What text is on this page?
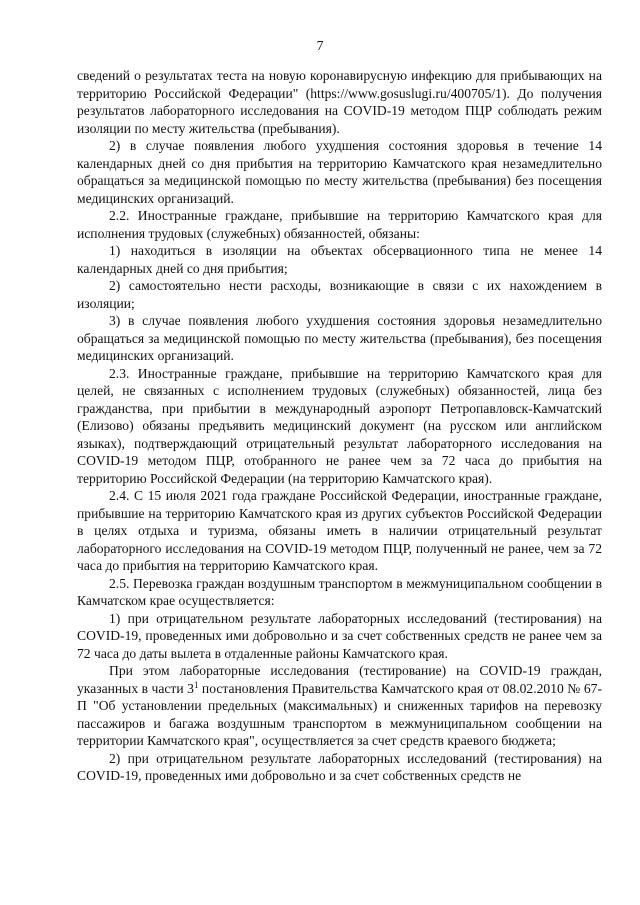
7

сведений о результатах теста на новую коронавирусную инфекцию для прибывающих на территорию Российской Федерации" (https://www.gosuslugi.ru/400705/1). До получения результатов лабораторного исследования на COVID-19 методом ПЦР соблюдать режим изоляции по месту жительства (пребывания).

2) в случае появления любого ухудшения состояния здоровья в течение 14 календарных дней со дня прибытия на территорию Камчатского края незамедлительно обращаться за медицинской помощью по месту жительства (пребывания) без посещения медицинских организаций.

2.2. Иностранные граждане, прибывшие на территорию Камчатского края для исполнения трудовых (служебных) обязанностей, обязаны:

1) находиться в изоляции на объектах обсервационного типа не менее 14 календарных дней со дня прибытия;

2) самостоятельно нести расходы, возникающие в связи с их нахождением в изоляции;

3) в случае появления любого ухудшения состояния здоровья незамедлительно обращаться за медицинской помощью по месту жительства (пребывания), без посещения медицинских организаций.

2.3. Иностранные граждане, прибывшие на территорию Камчатского края для целей, не связанных с исполнением трудовых (служебных) обязанностей, лица без гражданства, при прибытии в международный аэропорт Петропавловск-Камчатский (Елизово) обязаны предъявить медицинский документ (на русском или английском языках), подтверждающий отрицательный результат лабораторного исследования на COVID-19 методом ПЦР, отобранного не ранее чем за 72 часа до прибытия на территорию Российской Федерации (на территорию Камчатского края).

2.4. С 15 июля 2021 года граждане Российской Федерации, иностранные граждане, прибывшие на территорию Камчатского края из других субъектов Российской Федерации в целях отдыха и туризма, обязаны иметь в наличии отрицательный результат лабораторного исследования на COVID-19 методом ПЦР, полученный не ранее, чем за 72 часа до прибытия на территорию Камчатского края.

2.5. Перевозка граждан воздушным транспортом в межмуниципальном сообщении в Камчатском крае осуществляется:

1) при отрицательном результате лабораторных исследований (тестирования) на COVID-19, проведенных ими добровольно и за счет собственных средств не ранее чем за 72 часа до даты вылета в отдаленные районы Камчатского края.

При этом лабораторные исследования (тестирование) на COVID-19 граждан, указанных в части $3^1$ постановления Правительства Камчатского края от 08.02.2010 № 67-П "Об установлении предельных (максимальных) и сниженных тарифов на перевозку пассажиров и багажа воздушным транспортом в межмуниципальном сообщении на территории Камчатского края", осуществляется за счет средств краевого бюджета;

2) при отрицательном результате лабораторных исследований (тестирования) на COVID-19, проведенных ими добровольно и за счет собственных средств не
